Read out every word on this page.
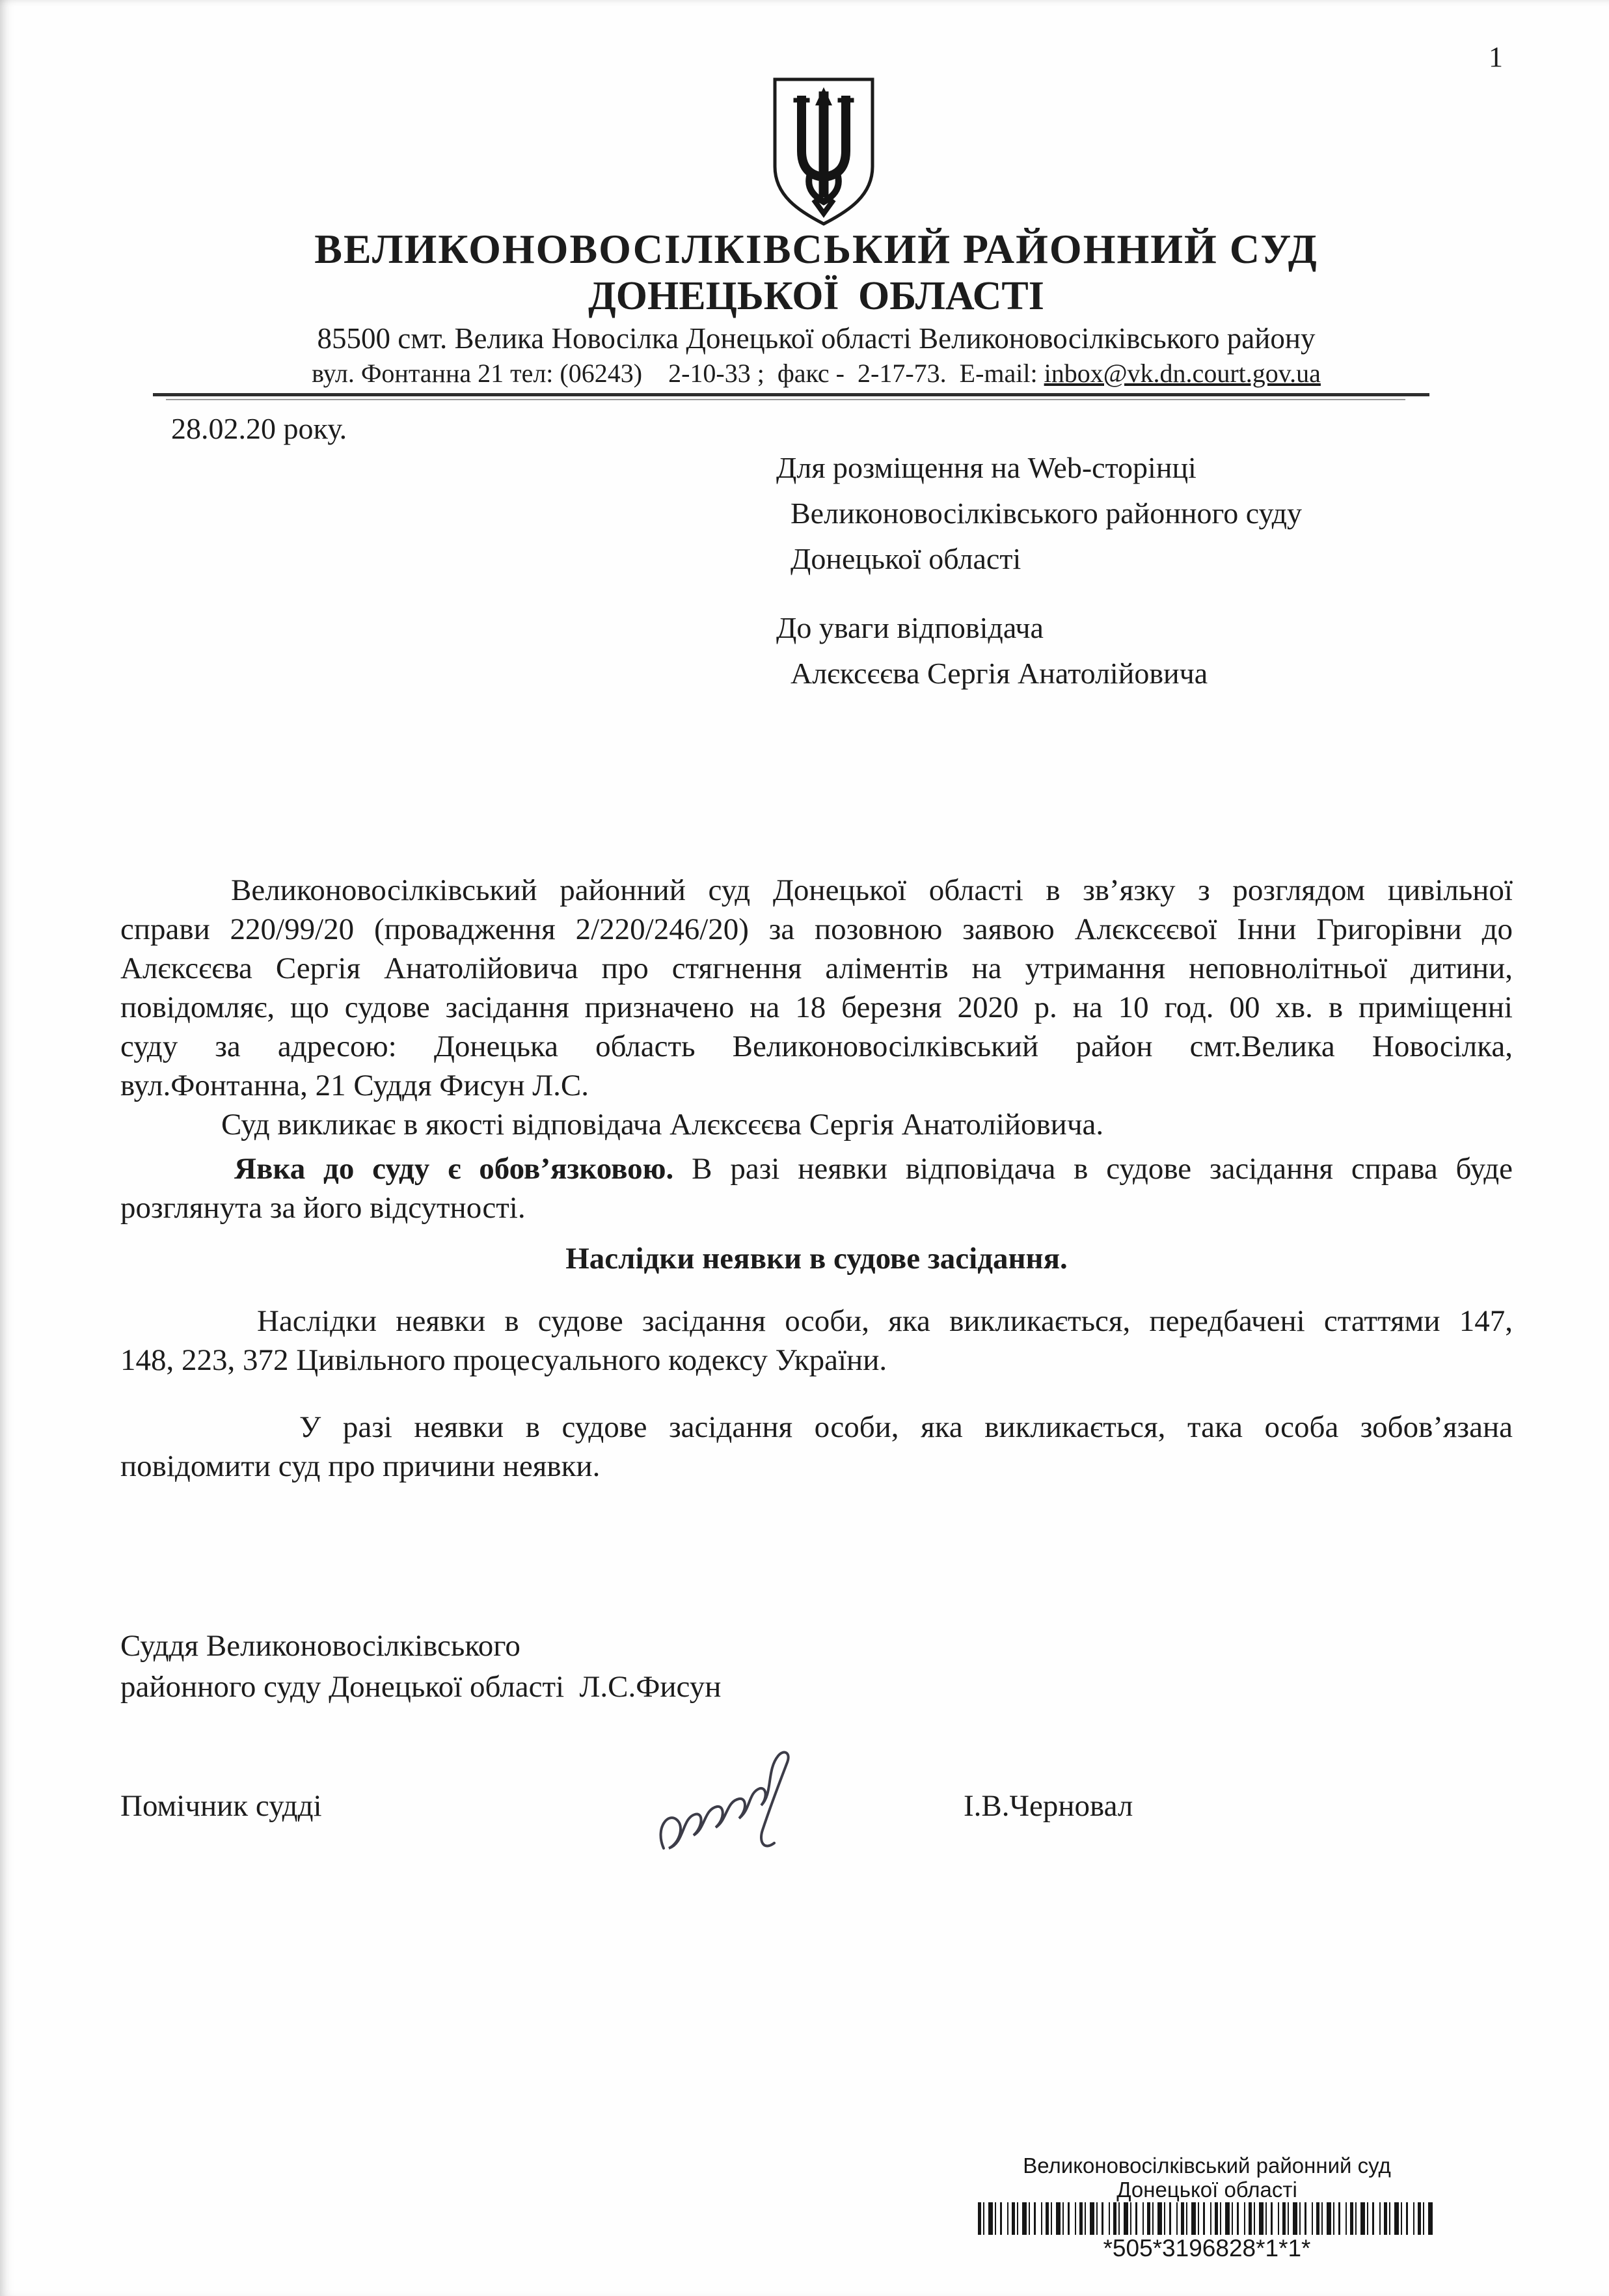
1
ВЕЛИКОНОВОСІЛКІВСЬКИЙ РАЙОННИЙ СУД
ДОНЕЦЬКОЇ ОБЛАСТІ
85500 смт. Велика Новосілка Донецької області Великоновосілківського району
вул. Фонтанна 21 тел: (06243)    2-10-33 ;  факс -  2-17-73.  E-mail: inbox@vk.dn.court.gov.ua
28.02.20 року.
Для розміщення на Web-сторінці
Великоновосілківського районного суду
Донецької області
До уваги відповідача
Алєксєєва Сергія Анатолійовича
Великоновосілківський районний суд Донецької області в зв’язку з розглядом цивільної
справи 220/99/20 (провадження 2/220/246/20) за позовною заявою Алєксєєвої Інни Григорівни до
Алєксєєва Сергія Анатолійовича про стягнення аліментів на утримання неповнолітньої дитини,
повідомляє, що судове засідання призначено на 18 березня 2020 р. на 10 год. 00 хв. в приміщенні
суду за адресою: Донецька область Великоновосілківський район смт.Велика Новосілка,
вул.Фонтанна, 21 Суддя Фисун Л.С.
Суд викликає в якості відповідача Алєксєєва Сергія Анатолійовича.
Явка до суду є обов’язковою. В разі неявки відповідача в судове засідання справа буде
розглянута за його відсутності.
Наслідки неявки в судове засідання.
Наслідки неявки в судове засідання особи, яка викликається, передбачені статтями 147,
148, 223, 372 Цивільного процесуального кодексу України.
У разі неявки в судове засідання особи, яка викликається, така особа зобов’язана
повідомити суд про причини неявки.
Суддя Великоновосілківського
районного суду Донецької області  Л.С.Фисун
Помічник судді	І.В.Черновал
Великоновосілківський районний суд
Донецької області
*505*3196828*1*1*
